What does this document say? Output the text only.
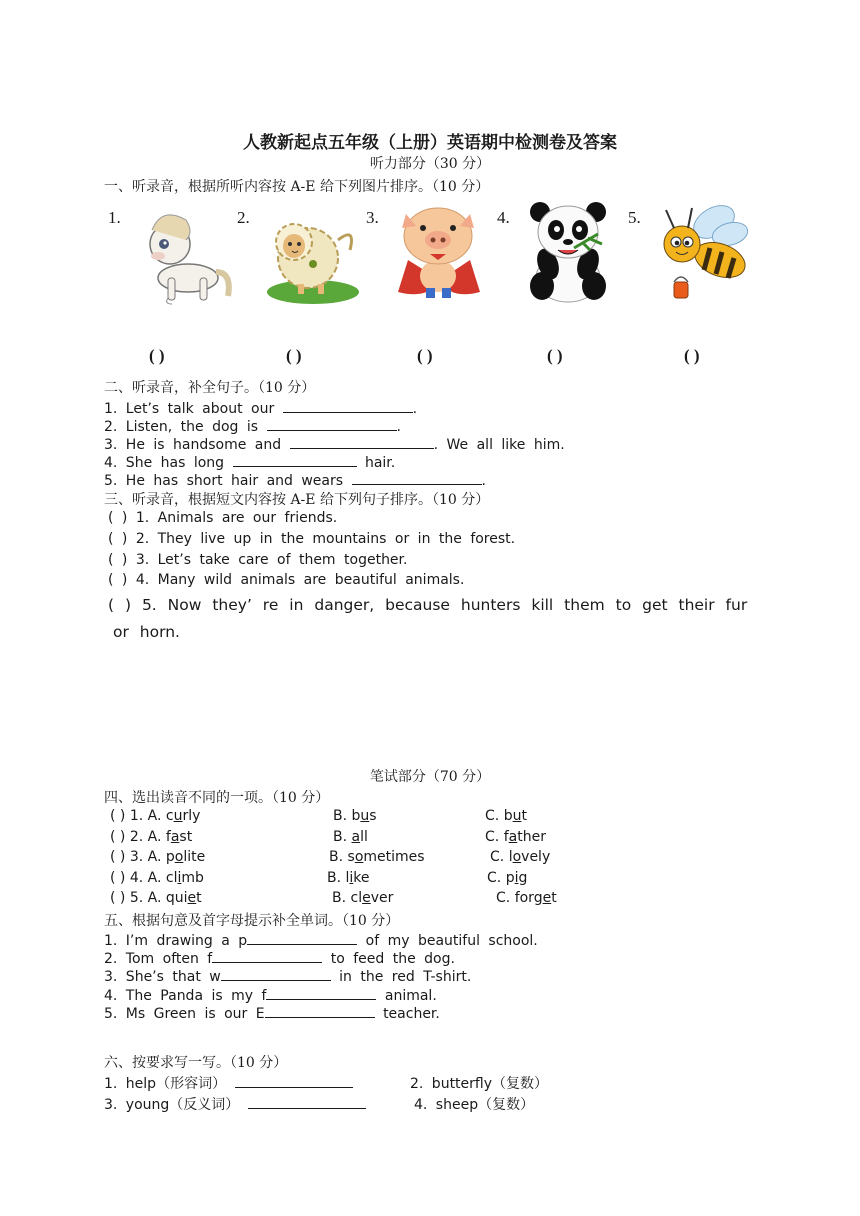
人教新起点五年级（上册）英语期中检测卷及答案
听力部分（30 分）
一、听录音，根据所听内容按 A-E 给下列图片排序。（10 分）
1.	2.	3.	4.	5.
( )	( )	( )	( )	( )
二、听录音，补全句子。（10 分）
1. Let’s talk about our	.
2. Listen, the dog is	.
3. He is handsome and	. We all like him.
4. She has long	hair.
5. He has short hair and wears	.
三、听录音，根据短文内容按 A-E 给下列句子排序。（10 分）
( ) 1. Animals are our friends.
( ) 2. They live up in the mountains or in the forest.
( ) 3. Let’s take care of them together.
( ) 4. Many wild animals are beautiful animals.
( ) 5. Now they’ re in danger, because hunters kill them to get their fur
or horn.
笔试部分（70 分）
四、选出读音不同的一项。（10 分）
( ) 1. A. curly	B. bus	C. but
( ) 2. A. fast	B. all	C. father
( ) 3. A. polite	B. sometimes	C. lovely
( ) 4. A. climb	B. like	C. pig
( ) 5. A. quiet	B. clever	C. forget
五、根据句意及首字母提示补全单词。（10 分）
1. I’m drawing a p	of my beautiful school.
2. Tom often f	to feed the dog.
3. She’s that w	in the red T-shirt.
4. The Panda is my f	animal.
5. Ms Green is our E	teacher.
六、按要求写一写。（10 分）
1. help（形容词）	2. butterfly（复数）
3. young（反义词）	4. sheep（复数）
